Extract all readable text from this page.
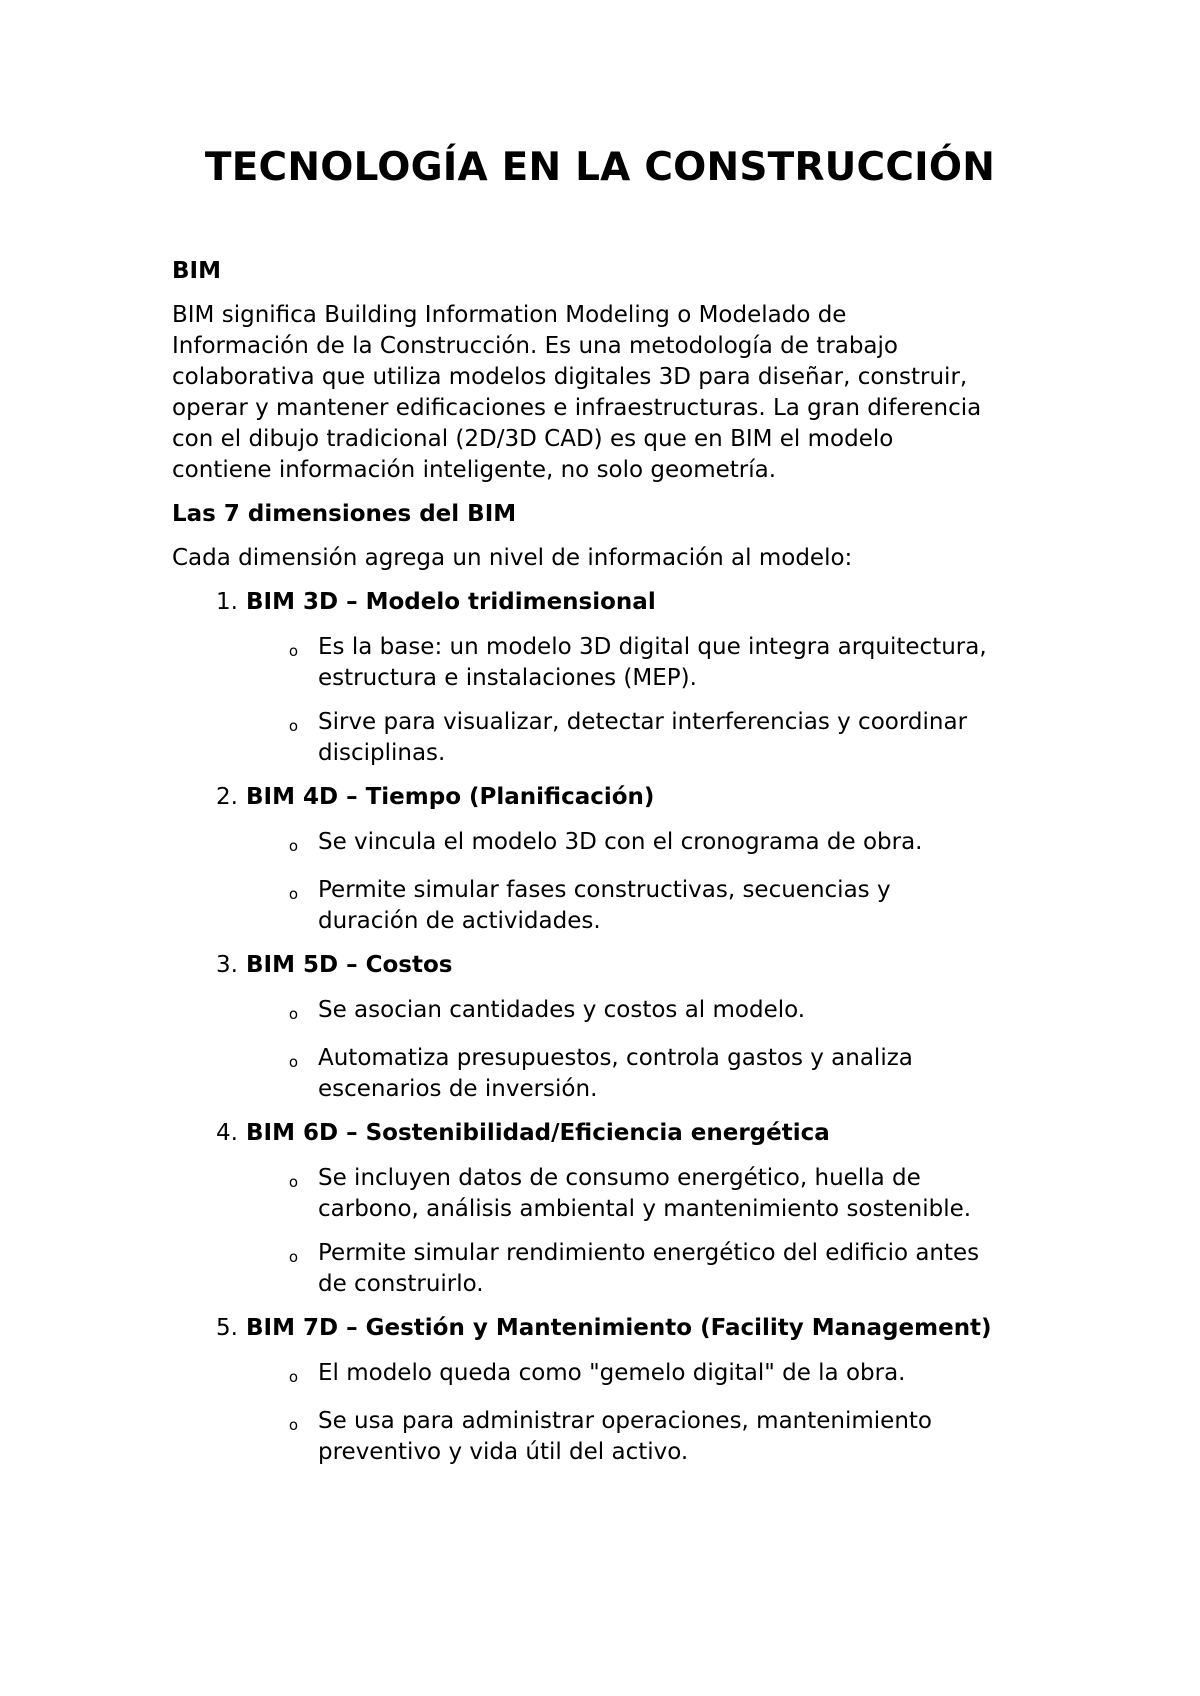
TECNOLOGÍA EN LA CONSTRUCCIÓN
BIM
BIM significa Building Information Modeling o Modelado de
Información de la Construcción. Es una metodología de trabajo
colaborativa que utiliza modelos digitales 3D para diseñar, construir,
operar y mantener edificaciones e infraestructuras. La gran diferencia
con el dibujo tradicional (2D/3D CAD) es que en BIM el modelo
contiene información inteligente, no solo geometría.
Las 7 dimensiones del BIM
Cada dimensión agrega un nivel de información al modelo:
1. BIM 3D – Modelo tridimensional
o Es la base: un modelo 3D digital que integra arquitectura,
estructura e instalaciones (MEP).
o Sirve para visualizar, detectar interferencias y coordinar
disciplinas.
2. BIM 4D – Tiempo (Planificación)
o Se vincula el modelo 3D con el cronograma de obra.
o Permite simular fases constructivas, secuencias y
duración de actividades.
3. BIM 5D – Costos
o Se asocian cantidades y costos al modelo.
o Automatiza presupuestos, controla gastos y analiza
escenarios de inversión.
4. BIM 6D – Sostenibilidad/Eficiencia energética
o Se incluyen datos de consumo energético, huella de
carbono, análisis ambiental y mantenimiento sostenible.
o Permite simular rendimiento energético del edificio antes
de construirlo.
5. BIM 7D – Gestión y Mantenimiento (Facility Management)
o El modelo queda como "gemelo digital" de la obra.
o Se usa para administrar operaciones, mantenimiento
preventivo y vida útil del activo.
